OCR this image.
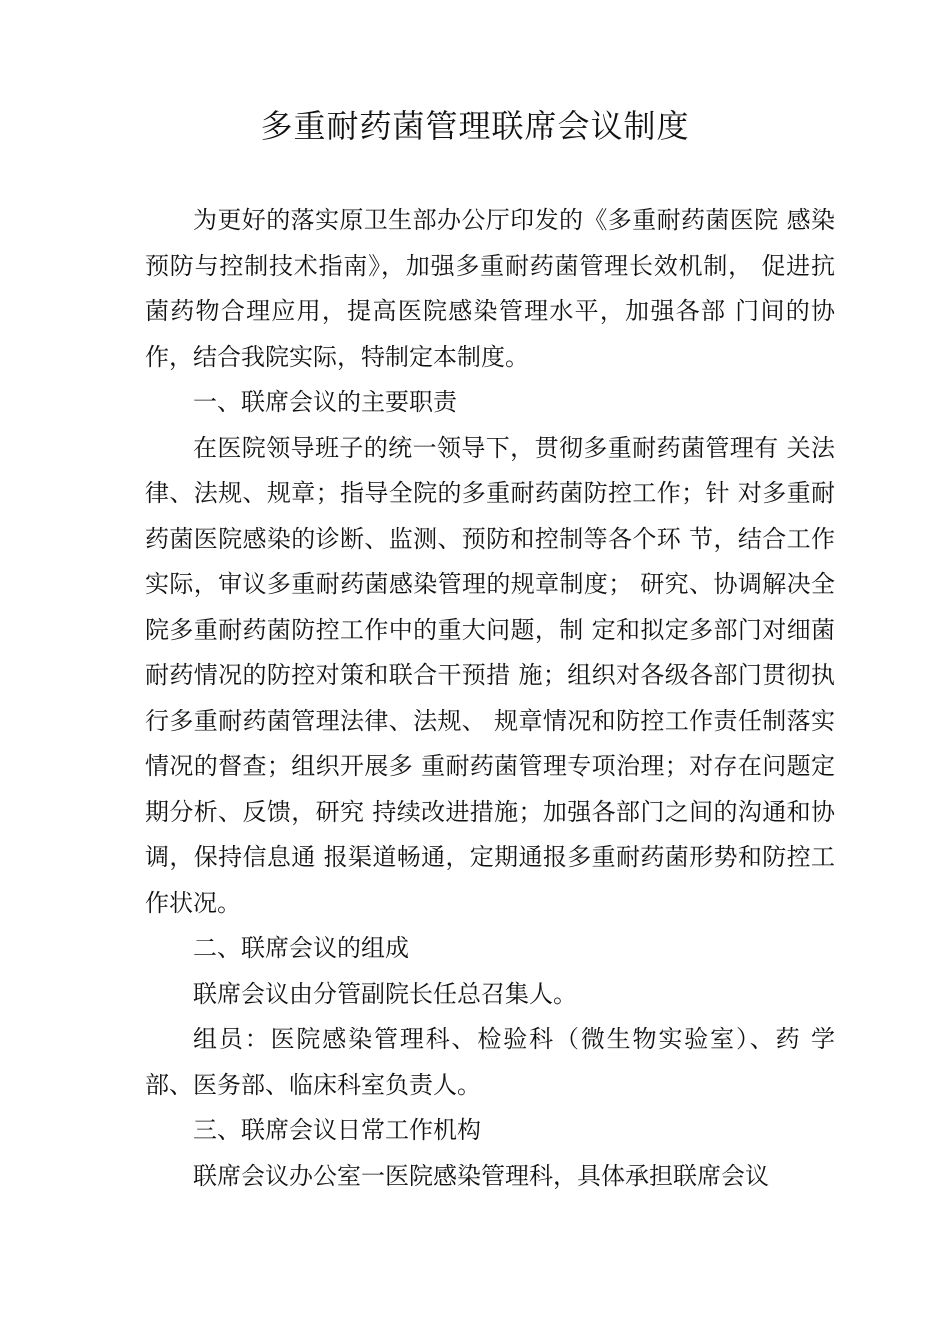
多重耐药菌管理联席会议制度

为更好的落实原卫生部办公厅印发的《多重耐药菌医院 感染预防与控制技术指南》，加强多重耐药菌管理长效机制， 促进抗菌药物合理应用，提高医院感染管理水平，加强各部 门间的协作，结合我院实际，特制定本制度。

一、联席会议的主要职责

在医院领导班子的统一领导下，贯彻多重耐药菌管理有 关法律、法规、规章；指导全院的多重耐药菌防控工作；针 对多重耐药菌医院感染的诊断、监测、预防和控制等各个环 节，结合工作实际，审议多重耐药菌感染管理的规章制度； 研究、协调解决全院多重耐药菌防控工作中的重大问题，制 定和拟定多部门对细菌耐药情况的防控对策和联合干预措 施；组织对各级各部门贯彻执行多重耐药菌管理法律、法规、 规章情况和防控工作责任制落实情况的督查；组织开展多 重耐药菌管理专项治理；对存在问题定期分析、反馈，研究 持续改进措施；加强各部门之间的沟通和协调，保持信息通 报渠道畅通，定期通报多重耐药菌形势和防控工作状况。

二、联席会议的组成

联席会议由分管副院长任总召集人。

组员：医院感染管理科、检验科（微生物实验室）、药 学部、医务部、临床科室负责人。

三、联席会议日常工作机构

联席会议办公室一医院感染管理科，具体承担联席会议
